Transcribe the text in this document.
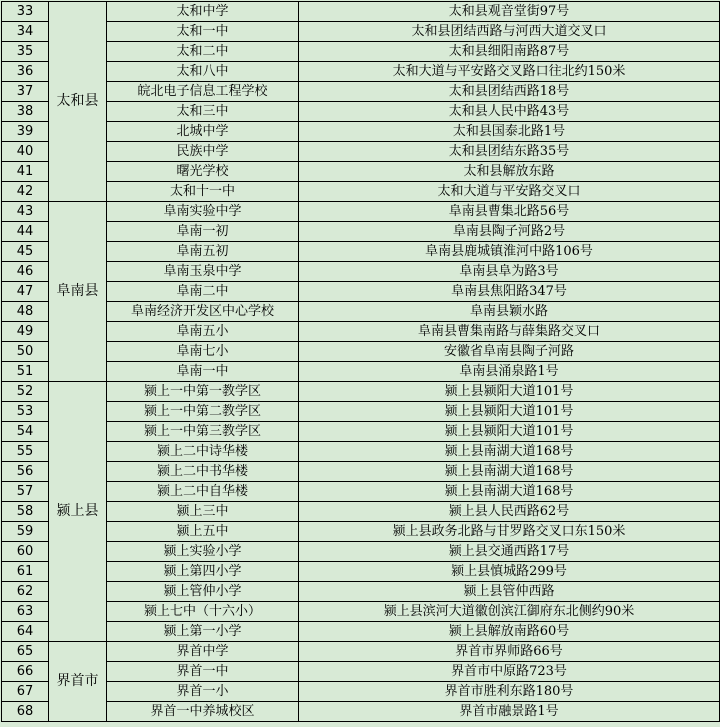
33	太和县	太和中学	太和县观音堂街97号
34		太和一中	太和县团结西路与河西大道交叉口
35		太和二中	太和县细阳南路87号
36		太和八中	太和大道与平安路交叉路口往北约150米
37		皖北电子信息工程学校	太和县团结西路18号
38		太和三中	太和县人民中路43号
39		北城中学	太和县国泰北路1号
40		民族中学	太和县团结东路35号
41		曙光学校	太和县解放东路
42		太和十一中	太和大道与平安路交叉口
43	阜南县	阜南实验中学	阜南县曹集北路56号
44		阜南一初	阜南县陶子河路2号
45		阜南五初	阜南县鹿城镇淮河中路106号
46		阜南玉泉中学	阜南县阜为路3号
47		阜南二中	阜南县焦阳路347号
48		阜南经济开发区中心学校	阜南县颖水路
49		阜南五小	阜南县曹集南路与薛集路交叉口
50		阜南七小	安徽省阜南县陶子河路
51		阜南一中	阜南县涌泉路1号
52	颍上县	颍上一中第一教学区	颍上县颍阳大道101号
53		颍上一中第二教学区	颍上县颍阳大道101号
54		颍上一中第三教学区	颍上县颍阳大道101号
55		颍上二中诗华楼	颍上县南湖大道168号
56		颍上二中书华楼	颍上县南湖大道168号
57		颍上二中自华楼	颍上县南湖大道168号
58		颍上三中	颍上县人民西路62号
59		颍上五中	颍上县政务北路与甘罗路交叉口东150米
60		颍上实验小学	颍上县交通西路17号
61		颍上第四小学	颍上县慎城路299号
62		颍上管仲小学	颍上县管仲西路
63		颍上七中（十六小）	颍上县滨河大道徽创滨江御府东北侧约90米
64		颍上第一小学	颍上县解放南路60号
65	界首市	界首中学	界首市界师路66号
66		界首一中	界首市中原路723号
67		界首一小	界首市胜利东路180号
68		界首一中养城校区	界首市融景路1号
